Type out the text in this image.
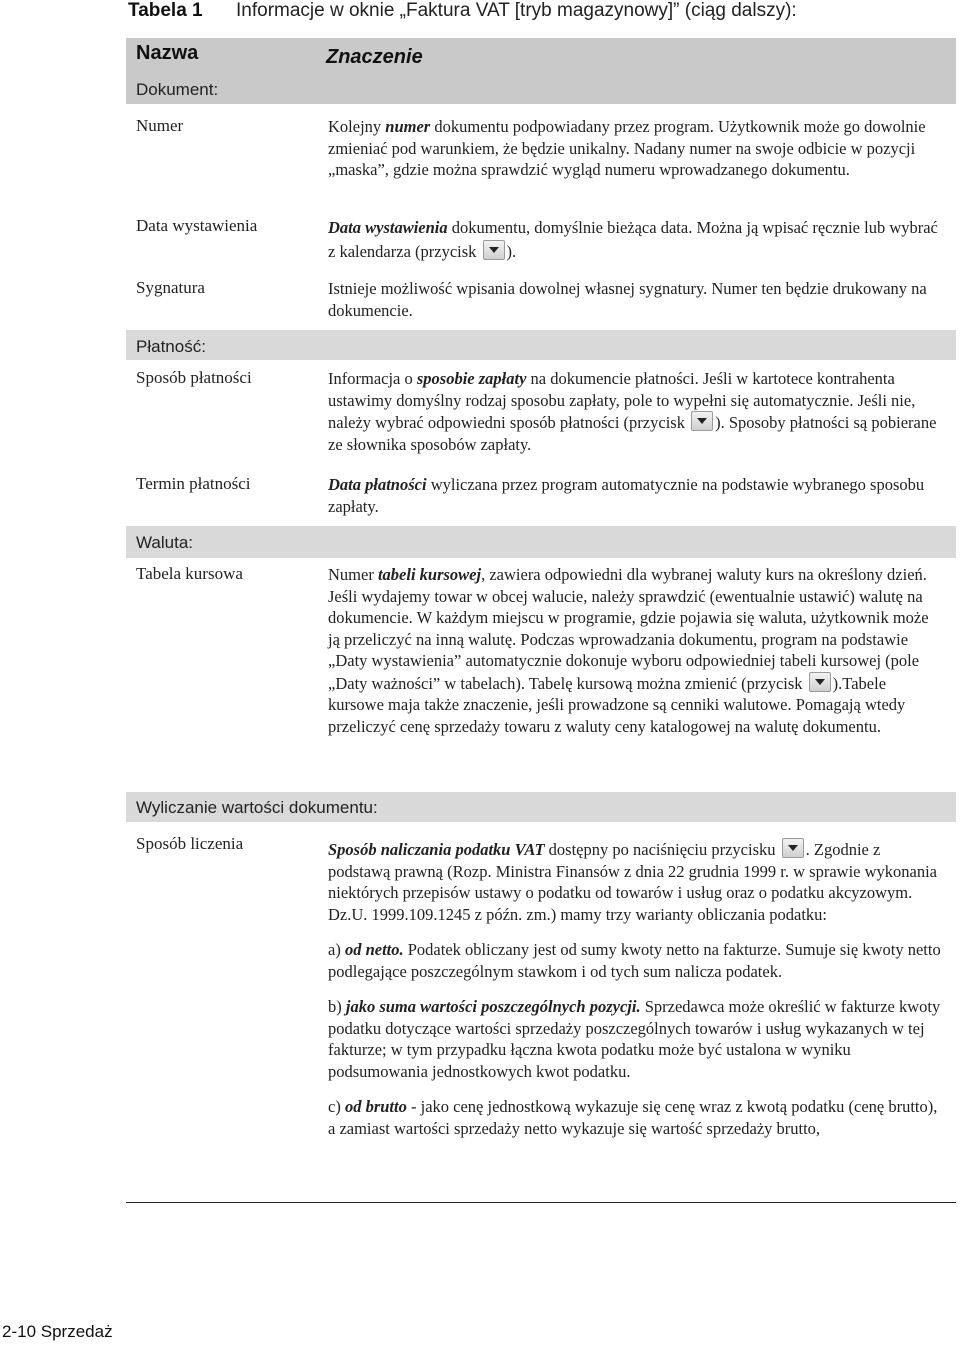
Tabela 1 Informacje w oknie „Faktura VAT [tryb magazynowy]” (ciąg dalszy):
Nazwa	Znaczenie
Dokument:
Numer	Kolejny numer dokumentu podpowiadany przez program. Użytkownik może go dowolnie zmieniać pod warunkiem, że będzie unikalny. Nadany numer na swoje odbicie w pozycji „maska”, gdzie można sprawdzić wygląd numeru wprowadzanego dokumentu.
Data wystawienia	Data wystawienia dokumentu, domyślnie bieżąca data. Można ją wpisać ręcznie lub wybrać z kalendarza (przycisk ).
Sygnatura	Istnieje możliwość wpisania dowolnej własnej sygnatury. Numer ten będzie drukowany na dokumencie.
Płatność:
Sposób płatności	Informacja o sposobie zapłaty na dokumencie płatności. Jeśli w kartotece kontrahenta ustawimy domyślny rodzaj sposobu zapłaty, pole to wypełni się automatycznie. Jeśli nie, należy wybrać odpowiedni sposób płatności (przycisk ). Sposoby płatności są pobierane ze słownika sposobów zapłaty.
Termin płatności	Data płatności wyliczana przez program automatycznie na podstawie wybranego sposobu zapłaty.
Waluta:
Tabela kursowa	Numer tabeli kursowej, zawiera odpowiedni dla wybranej waluty kurs na określony dzień. Jeśli wydajemy towar w obcej walucie, należy sprawdzić (ewentualnie ustawić) walutę na dokumencie. W każdym miejscu w programie, gdzie pojawia się waluta, użytkownik może ją przeliczyć na inną walutę. Podczas wprowadzania dokumentu, program na podstawie „Daty wystawienia” automatycznie dokonuje wyboru odpowiedniej tabeli kursowej (pole „Daty ważności” w tabelach). Tabelę kursową można zmienić (przycisk ).Tabele kursowe maja także znaczenie, jeśli prowadzone są cenniki walutowe. Pomagają wtedy przeliczyć cenę sprzedaży towaru z waluty ceny katalogowej na walutę dokumentu.
Wyliczanie wartości dokumentu:
Sposób liczenia	Sposób naliczania podatku VAT dostępny po naciśnięciu przycisku . Zgodnie z podstawą prawną (Rozp. Ministra Finansów z dnia 22 grudnia 1999 r. w sprawie wykonania niektórych przepisów ustawy o podatku od towarów i usług oraz o podatku akcyzowym. Dz.U. 1999.109.1245 z późn. zm.) mamy trzy warianty obliczania podatku:

a) od netto. Podatek obliczany jest od sumy kwoty netto na fakturze. Sumuje się kwoty netto podlegające poszczególnym stawkom i od tych sum nalicza podatek.

b) jako suma wartości poszczególnych pozycji. Sprzedawca może określić w fakturze kwoty podatku dotyczące wartości sprzedaży poszczególnych towarów i usług wykazanych w tej fakturze; w tym przypadku łączna kwota podatku może być ustalona w wyniku podsumowania jednostkowych kwot podatku.

c) od brutto - jako cenę jednostkową wykazuje się cenę wraz z kwotą podatku (cenę brutto), a zamiast wartości sprzedaży netto wykazuje się wartość sprzedaży brutto,

2-10 Sprzedaż
